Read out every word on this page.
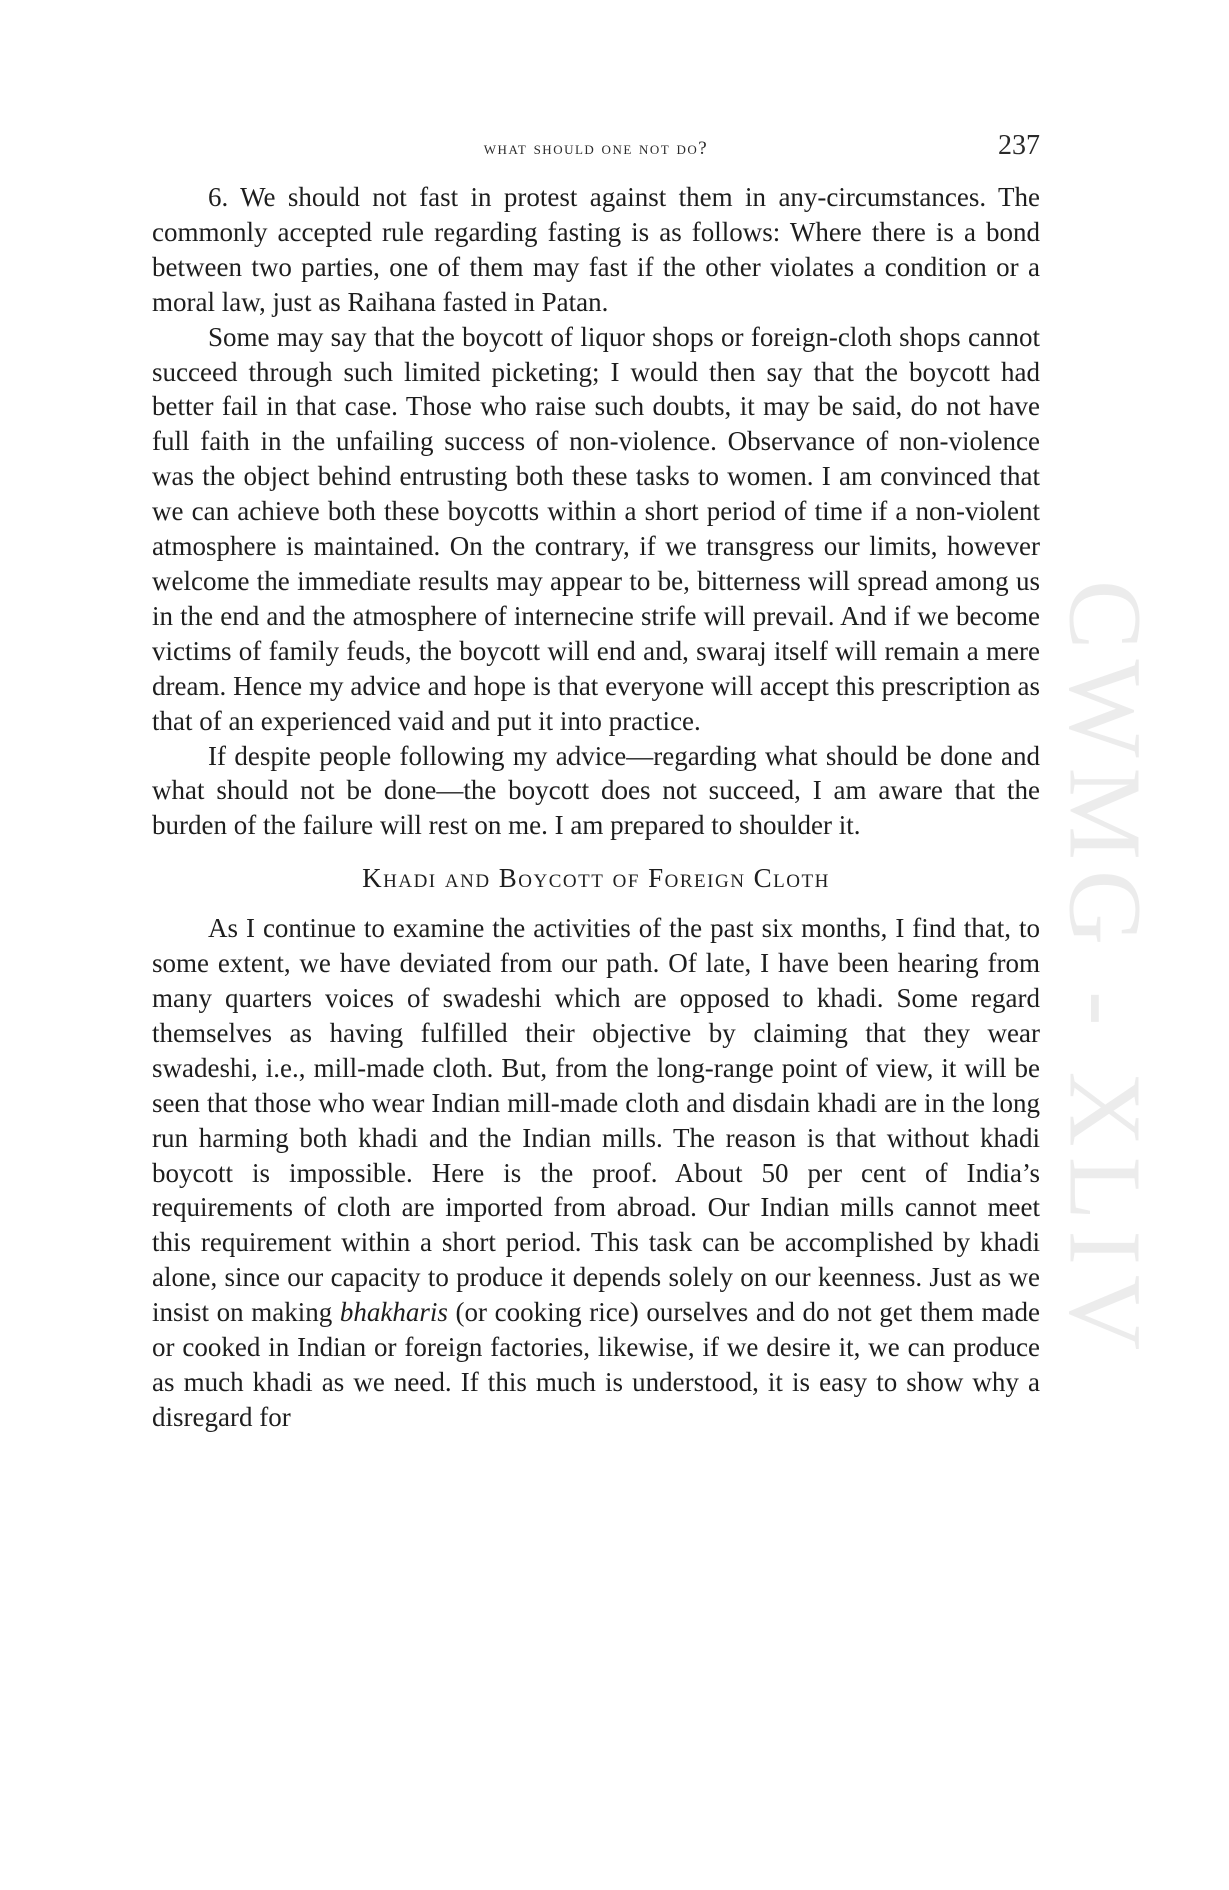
CWMG - XLIV
what should one not do?	237

6. We should not fast in protest against them in any-circumstances. The commonly accepted rule regarding fasting is as follows: Where there is a bond between two parties, one of them may fast if the other violates a condition or a moral law, just as Raihana fasted in Patan.

Some may say that the boycott of liquor shops or foreign-cloth shops cannot succeed through such limited picketing; I would then say that the boycott had better fail in that case. Those who raise such doubts, it may be said, do not have full faith in the unfailing success of non-violence. Observance of non-violence was the object behind entrusting both these tasks to women. I am convinced that we can achieve both these boycotts within a short period of time if a non-violent atmosphere is maintained. On the contrary, if we transgress our limits, however welcome the immediate results may appear to be, bitterness will spread among us in the end and the atmosphere of internecine strife will prevail. And if we become victims of family feuds, the boycott will end and, swaraj itself will remain a mere dream. Hence my advice and hope is that everyone will accept this prescription as that of an experienced vaid and put it into practice.

If despite people following my advice—regarding what should be done and what should not be done—the boycott does not succeed, I am aware that the burden of the failure will rest on me. I am prepared to shoulder it.

Khadi and Boycott of Foreign Cloth

As I continue to examine the activities of the past six months, I find that, to some extent, we have deviated from our path. Of late, I have been hearing from many quarters voices of swadeshi which are opposed to khadi. Some regard themselves as having fulfilled their objective by claiming that they wear swadeshi, i.e., mill-made cloth. But, from the long-range point of view, it will be seen that those who wear Indian mill-made cloth and disdain khadi are in the long run harming both khadi and the Indian mills. The reason is that without khadi boycott is impossible. Here is the proof. About 50 per cent of India’s requirements of cloth are imported from abroad. Our Indian mills cannot meet this requirement within a short period. This task can be accomplished by khadi alone, since our capacity to produce it depends solely on our keenness. Just as we insist on making bhakharis (or cooking rice) ourselves and do not get them made or cooked in Indian or foreign factories, likewise, if we desire it, we can produce as much khadi as we need. If this much is understood, it is easy to show why a disregard for
